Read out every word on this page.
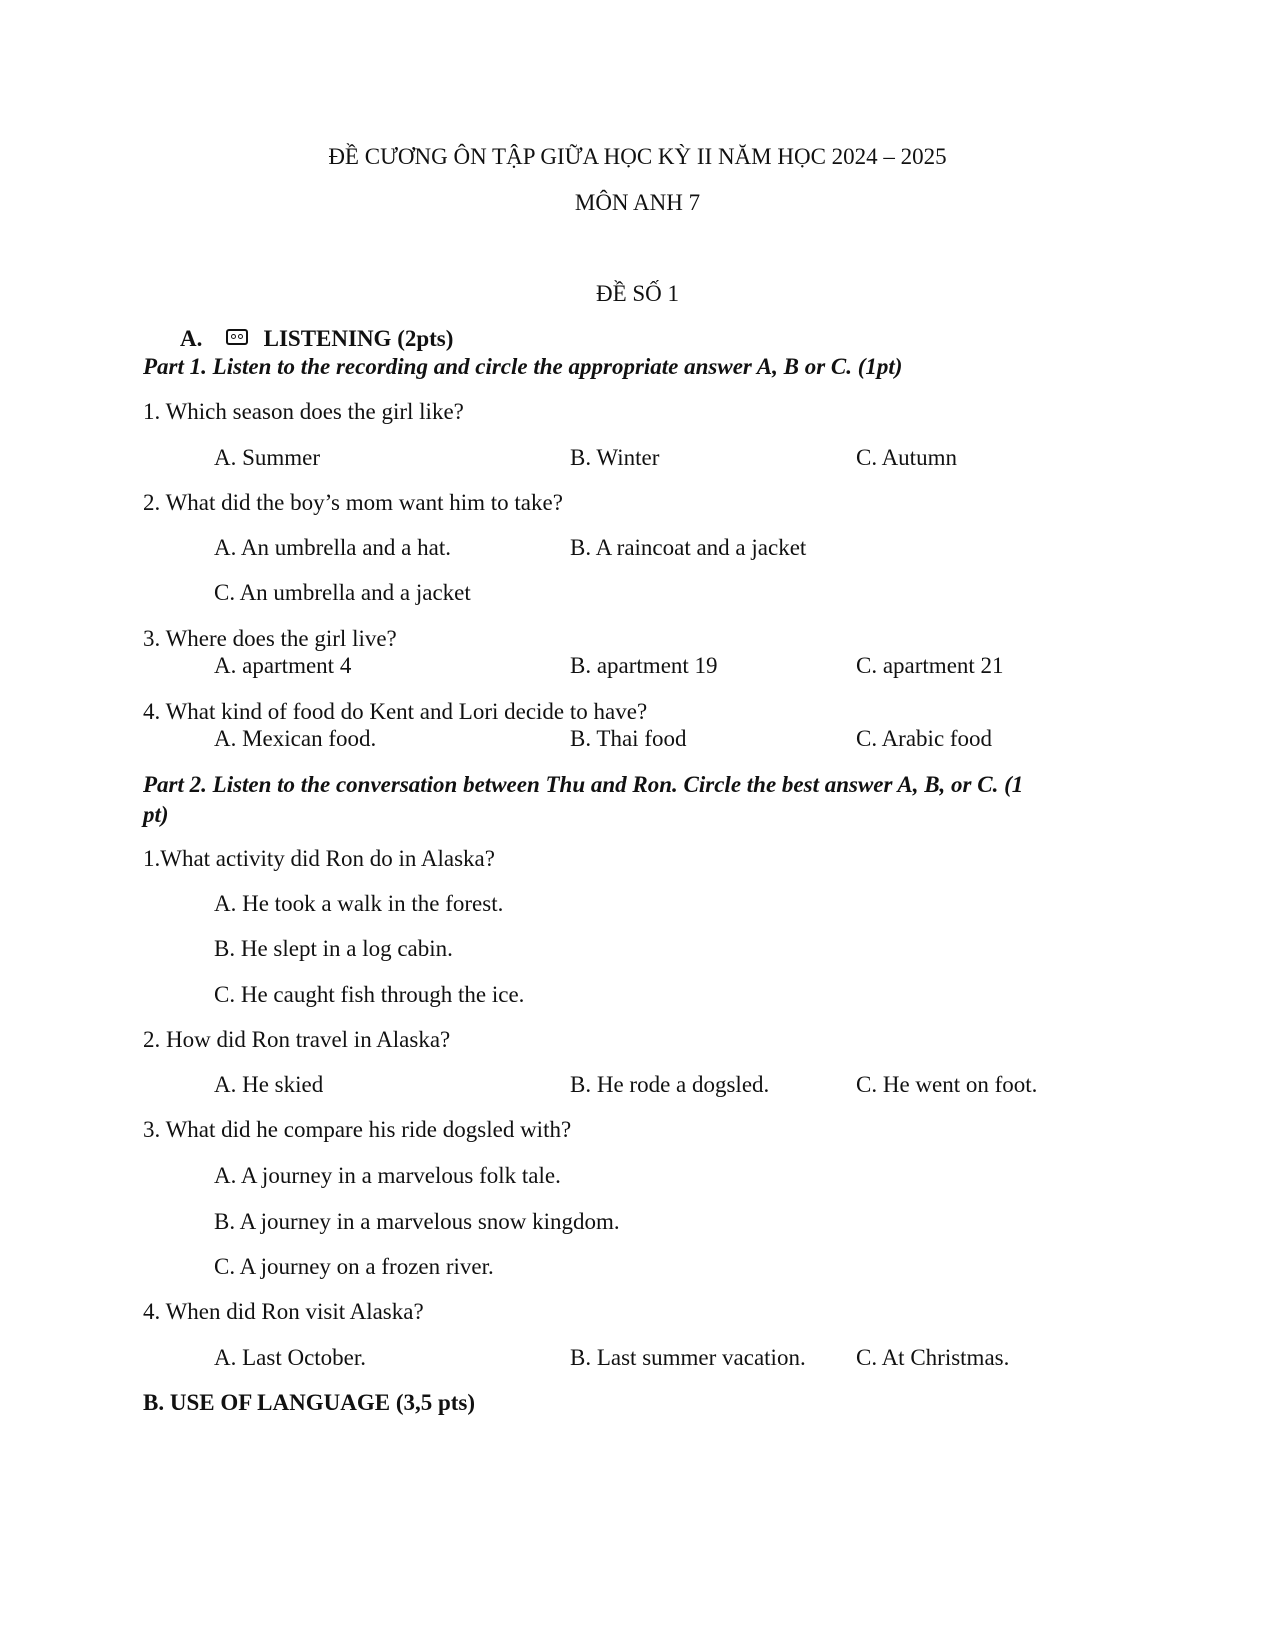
ĐỀ CƯƠNG ÔN TẬP GIỮA HỌC KỲ II NĂM HỌC 2024 – 2025
MÔN ANH 7
ĐỀ SỐ 1
A.	LISTENING (2pts)
Part 1. Listen to the recording and circle the appropriate answer A, B or C. (1pt)
1. Which season does the girl like?
A. Summer	B. Winter	C. Autumn
2. What did the boy’s mom want him to take?
A. An umbrella and a hat.	B. A raincoat and a jacket
C. An umbrella and a jacket
3. Where does the girl live?
A. apartment 4	B. apartment 19	C. apartment 21
4. What kind of food do Kent and Lori decide to have?
A. Mexican food.	B. Thai food	C. Arabic food
Part 2. Listen to the conversation between Thu and Ron. Circle the best answer A, B, or C. (1
pt)
1.What activity did Ron do in Alaska?
A. He took a walk in the forest.
B. He slept in a log cabin.
C. He caught fish through the ice.
2. How did Ron travel in Alaska?
A. He skied	B. He rode a dogsled.	C. He went on foot.
3. What did he compare his ride dogsled with?
A. A journey in a marvelous folk tale.
B. A journey in a marvelous snow kingdom.
C. A journey on a frozen river.
4. When did Ron visit Alaska?
A. Last October.	B. Last summer vacation. C. At Christmas.
B. USE OF LANGUAGE (3,5 pts)
